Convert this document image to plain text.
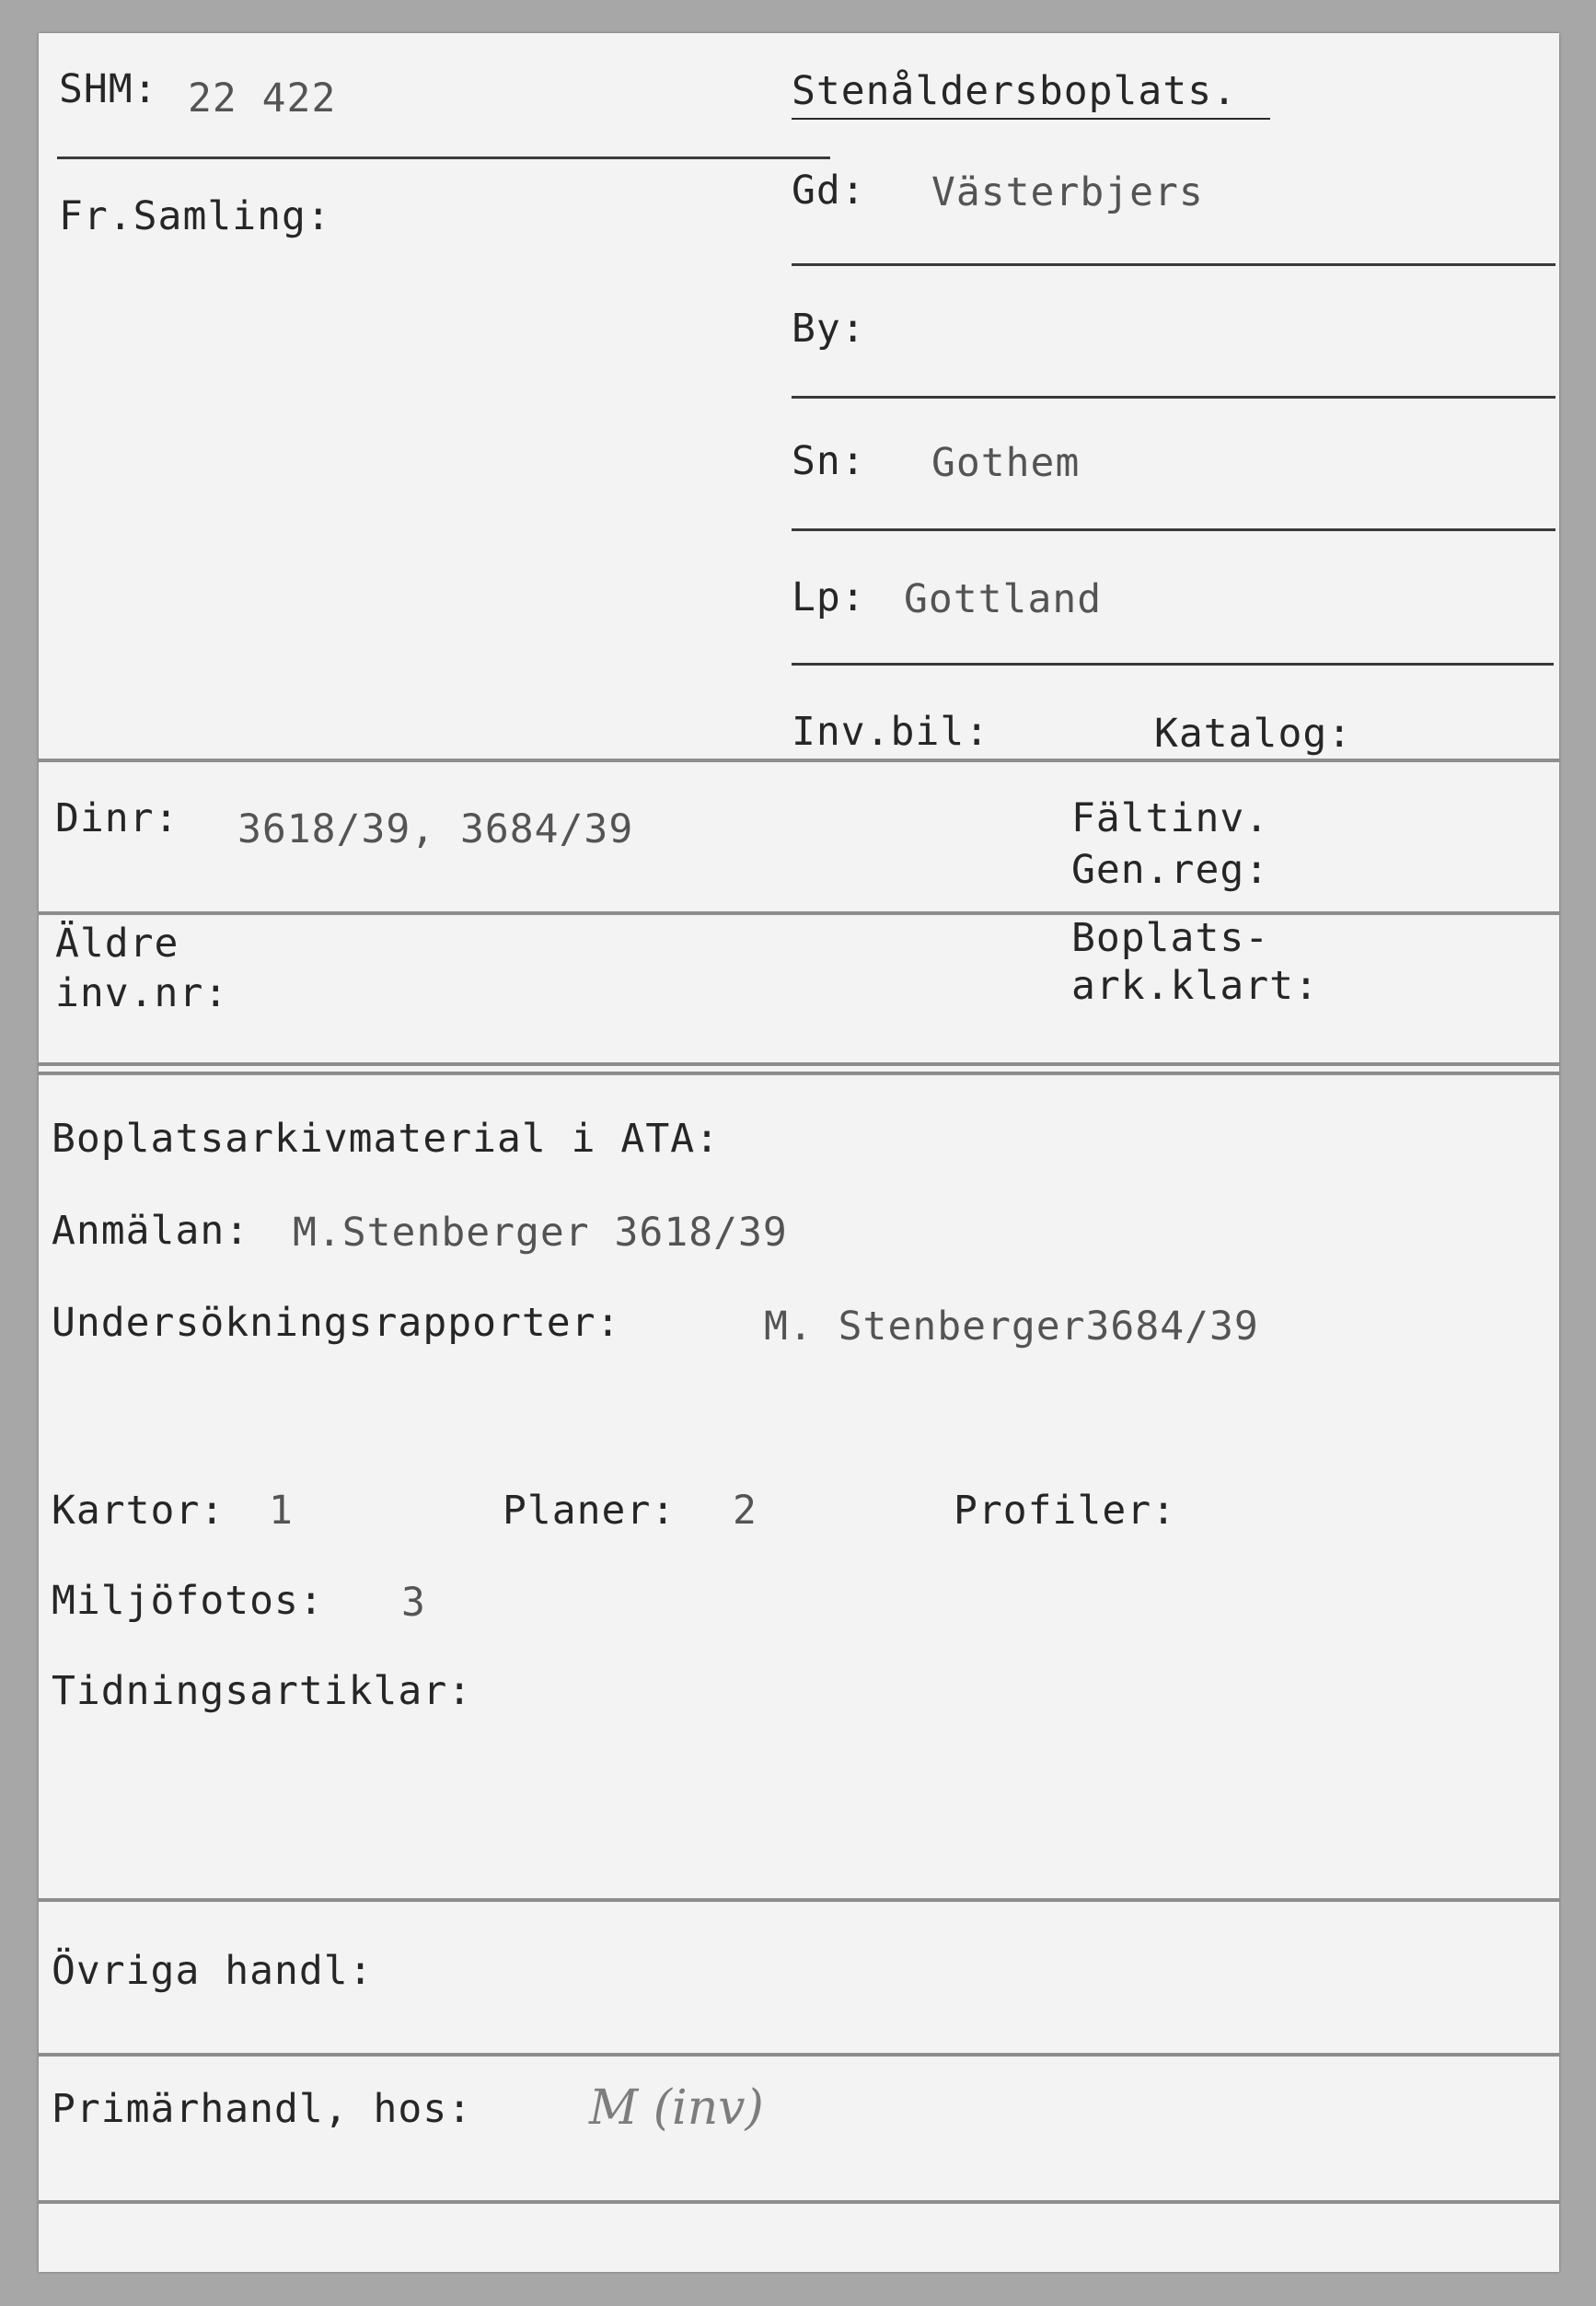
SHM: 22 422
Fr.Samling:
Stenåldersboplats.
Gd: Västerbjers
By:
Sn: Gothem
Lp: Gottland
Inv.bil:	Katalog:
Dinr: 3618/39, 3684/39	Fältinv.
Gen.reg:
Äldre
inv.nr:
Boplats-
ark.klart:
Boplatsarkivmaterial i ATA:
Anmälan: M.Stenberger 3618/39
Undersökningsrapporter:	M. Stenberger3684/39
Kartor: 1	Planer: 2	Profiler:
Miljöfotos: 3
Tidningsartiklar:
Övriga handl:
Primärhandl, hos: M (inv)
